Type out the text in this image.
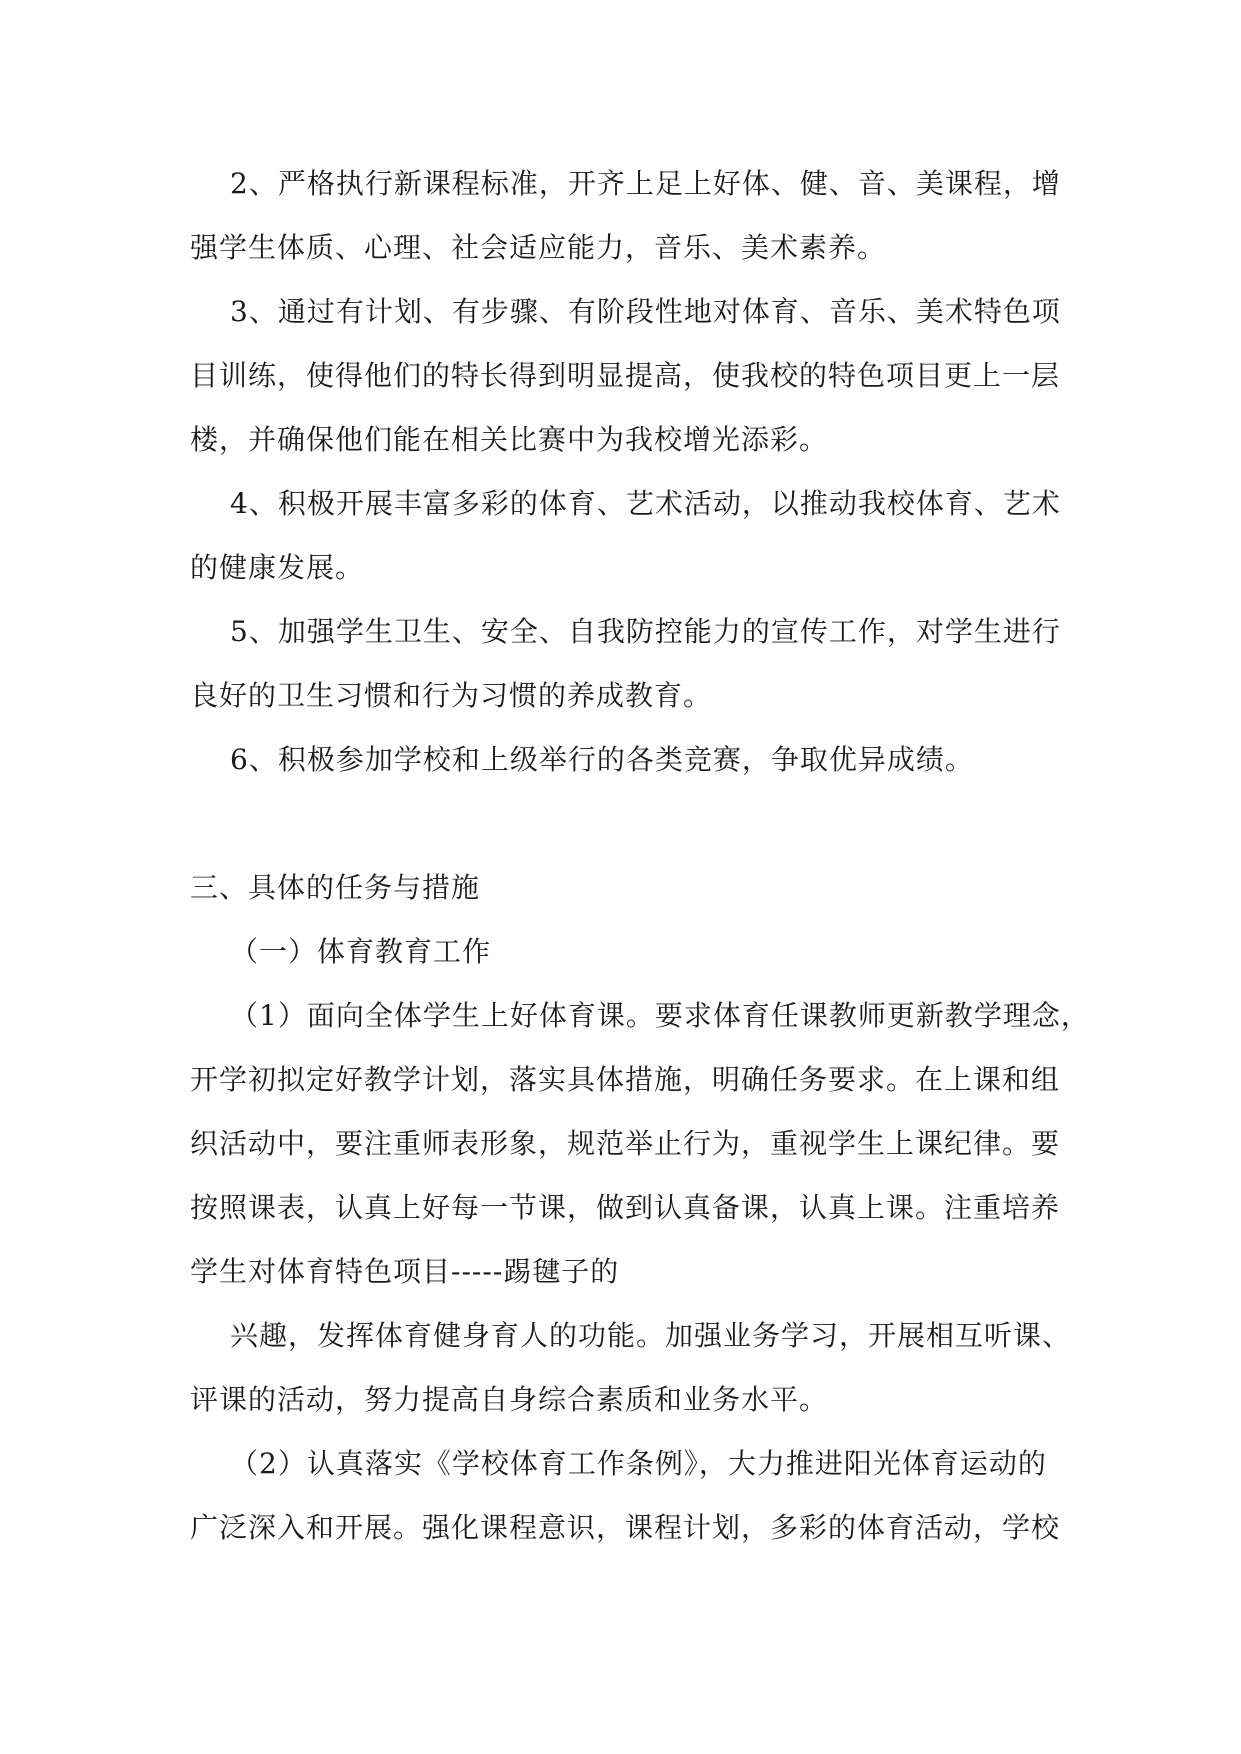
2、严格执行新课程标准，开齐上足上好体、健、音、美课程，增
强学生体质、心理、社会适应能力，音乐、美术素养。
3、通过有计划、有步骤、有阶段性地对体育、音乐、美术特色项
目训练，使得他们的特长得到明显提高，使我校的特色项目更上一层
楼，并确保他们能在相关比赛中为我校增光添彩。
4、积极开展丰富多彩的体育、艺术活动，以推动我校体育、艺术
的健康发展。
5、加强学生卫生、安全、自我防控能力的宣传工作，对学生进行
良好的卫生习惯和行为习惯的养成教育。
6、积极参加学校和上级举行的各类竞赛，争取优异成绩。
三、具体的任务与措施
（一）体育教育工作
（1）面向全体学生上好体育课。要求体育任课教师更新教学理念，
开学初拟定好教学计划，落实具体措施，明确任务要求。在上课和组
织活动中，要注重师表形象，规范举止行为，重视学生上课纪律。要
按照课表，认真上好每一节课，做到认真备课，认真上课。注重培养
学生对体育特色项目-----踢毽子的
兴趣，发挥体育健身育人的功能。加强业务学习，开展相互听课、
评课的活动，努力提高自身综合素质和业务水平。
（2）认真落实《学校体育工作条例》，大力推进阳光体育运动的
广泛深入和开展。强化课程意识，课程计划，多彩的体育活动，学校
